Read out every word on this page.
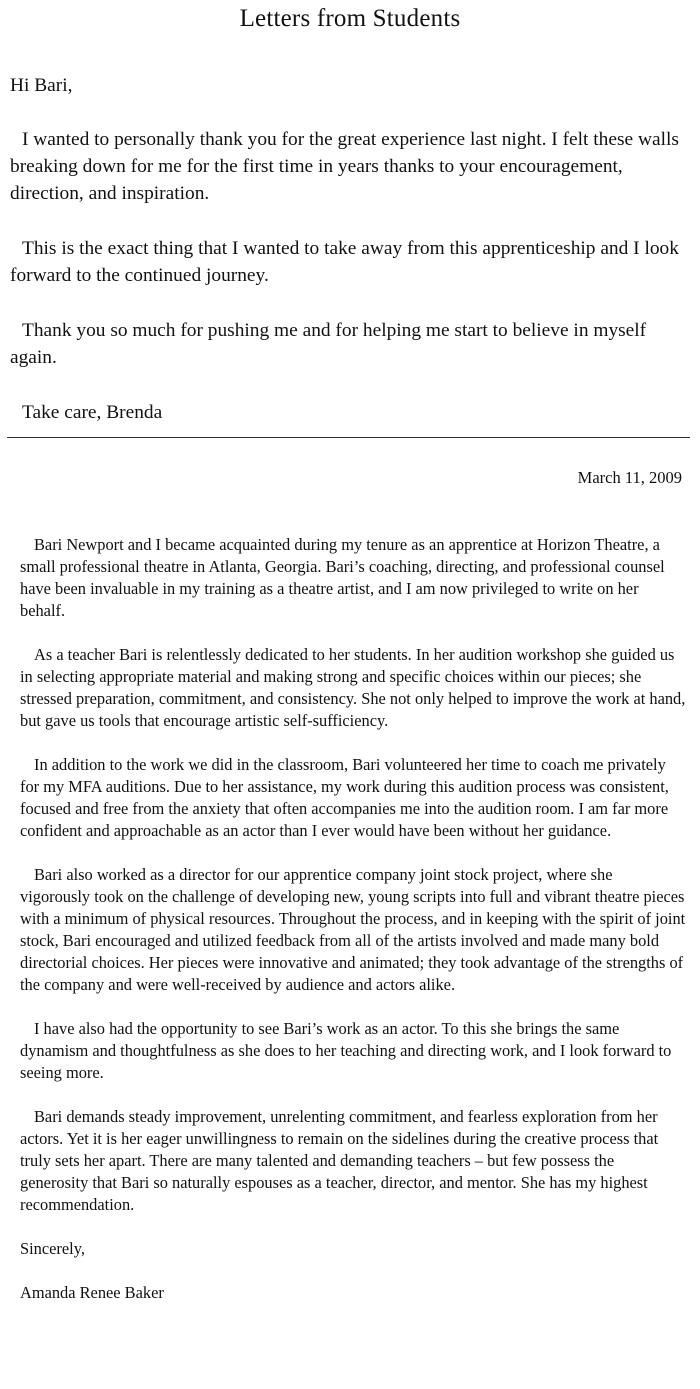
Letters from Students

Hi Bari,

I wanted to personally thank you for the great experience last night. I felt these walls breaking down for me for the first time in years thanks to your encouragement, direction, and inspiration.

This is the exact thing that I wanted to take away from this apprenticeship and I look forward to the continued journey.

Thank you so much for pushing me and for helping me start to believe in myself again.

Take care, Brenda

March 11, 2009

Bari Newport and I became acquainted during my tenure as an apprentice at Horizon Theatre, a small professional theatre in Atlanta, Georgia. Bari’s coaching, directing, and professional counsel have been invaluable in my training as a theatre artist, and I am now privileged to write on her behalf.

As a teacher Bari is relentlessly dedicated to her students. In her audition workshop she guided us in selecting appropriate material and making strong and specific choices within our pieces; she stressed preparation, commitment, and consistency. She not only helped to improve the work at hand, but gave us tools that encourage artistic self-sufficiency.

In addition to the work we did in the classroom, Bari volunteered her time to coach me privately for my MFA auditions. Due to her assistance, my work during this audition process was consistent, focused and free from the anxiety that often accompanies me into the audition room. I am far more confident and approachable as an actor than I ever would have been without her guidance.

Bari also worked as a director for our apprentice company joint stock project, where she vigorously took on the challenge of developing new, young scripts into full and vibrant theatre pieces with a minimum of physical resources. Throughout the process, and in keeping with the spirit of joint stock, Bari encouraged and utilized feedback from all of the artists involved and made many bold directorial choices. Her pieces were innovative and animated; they took advantage of the strengths of the company and were well-received by audience and actors alike.

I have also had the opportunity to see Bari’s work as an actor. To this she brings the same dynamism and thoughtfulness as she does to her teaching and directing work, and I look forward to seeing more.

Bari demands steady improvement, unrelenting commitment, and fearless exploration from her actors. Yet it is her eager unwillingness to remain on the sidelines during the creative process that truly sets her apart. There are many talented and demanding teachers – but few possess the generosity that Bari so naturally espouses as a teacher, director, and mentor. She has my highest recommendation.

Sincerely,

Amanda Renee Baker
